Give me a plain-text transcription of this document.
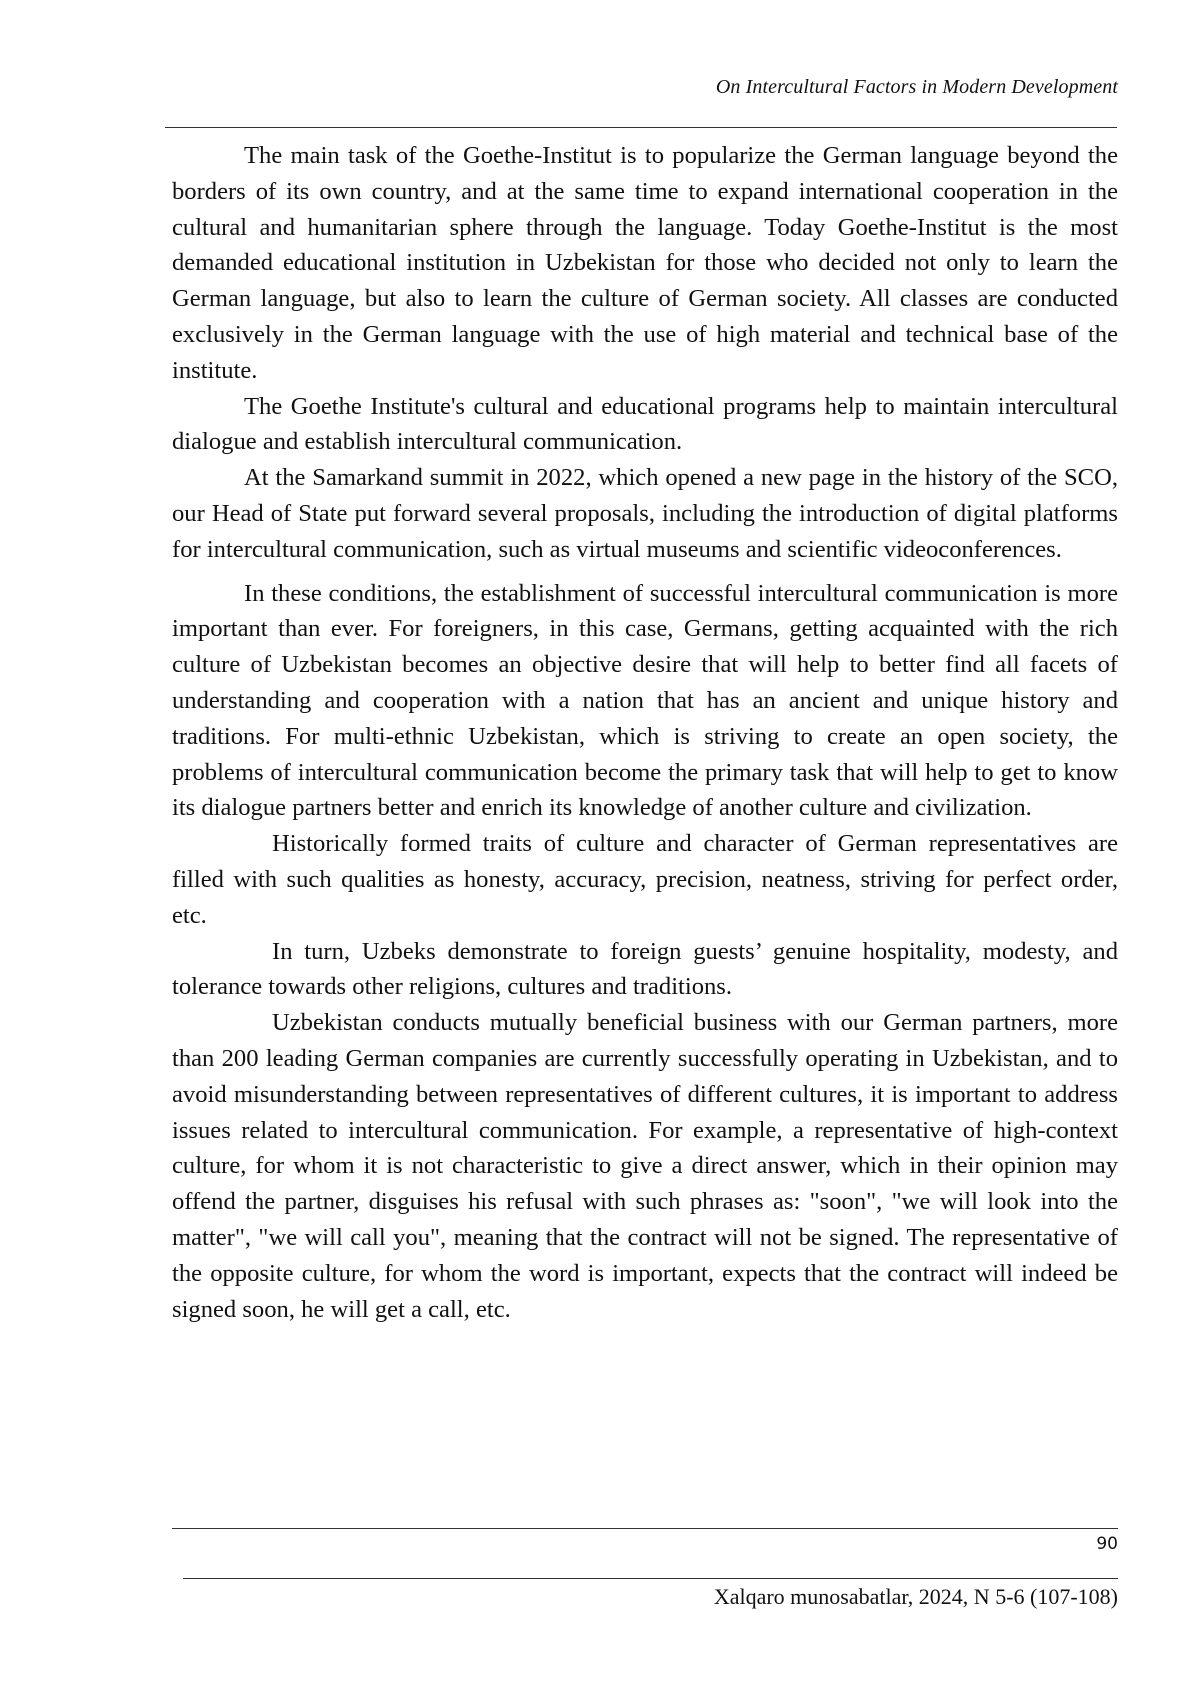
On Intercultural Factors in Modern Development

The main task of the Goethe-Institut is to popularize the German language beyond the borders of its own country, and at the same time to expand international cooperation in the cultural and humanitarian sphere through the language. Today Goethe-Institut is the most demanded educational institution in Uzbekistan for those who decided not only to learn the German language, but also to learn the culture of German society. All classes are conducted exclusively in the German language with the use of high material and technical base of the institute.

The Goethe Institute's cultural and educational programs help to maintain intercultural dialogue and establish intercultural communication.

At the Samarkand summit in 2022, which opened a new page in the history of the SCO, our Head of State put forward several proposals, including the introduction of digital platforms for intercultural communication, such as virtual museums and scientific videoconferences.

In these conditions, the establishment of successful intercultural communication is more important than ever. For foreigners, in this case, Germans, getting acquainted with the rich culture of Uzbekistan becomes an objective desire that will help to better find all facets of understanding and cooperation with a nation that has an ancient and unique history and traditions. For multi-ethnic Uzbekistan, which is striving to create an open society, the problems of intercultural communication become the primary task that will help to get to know its dialogue partners better and enrich its knowledge of another culture and civilization.

Historically formed traits of culture and character of German representatives are filled with such qualities as honesty, accuracy, precision, neatness, striving for perfect order, etc.

In turn, Uzbeks demonstrate to foreign guests’ genuine hospitality, modesty, and tolerance towards other religions, cultures and traditions.

Uzbekistan conducts mutually beneficial business with our German partners, more than 200 leading German companies are currently successfully operating in Uzbekistan, and to avoid misunderstanding between representatives of different cultures, it is important to address issues related to intercultural communication. For example, a representative of high-context culture, for whom it is not characteristic to give a direct answer, which in their opinion may offend the partner, disguises his refusal with such phrases as: "soon", "we will look into the matter", "we will call you", meaning that the contract will not be signed. The representative of the opposite culture, for whom the word is important, expects that the contract will indeed be signed soon, he will get a call, etc.

90
Xalqaro munosabatlar, 2024, N 5-6 (107-108)
